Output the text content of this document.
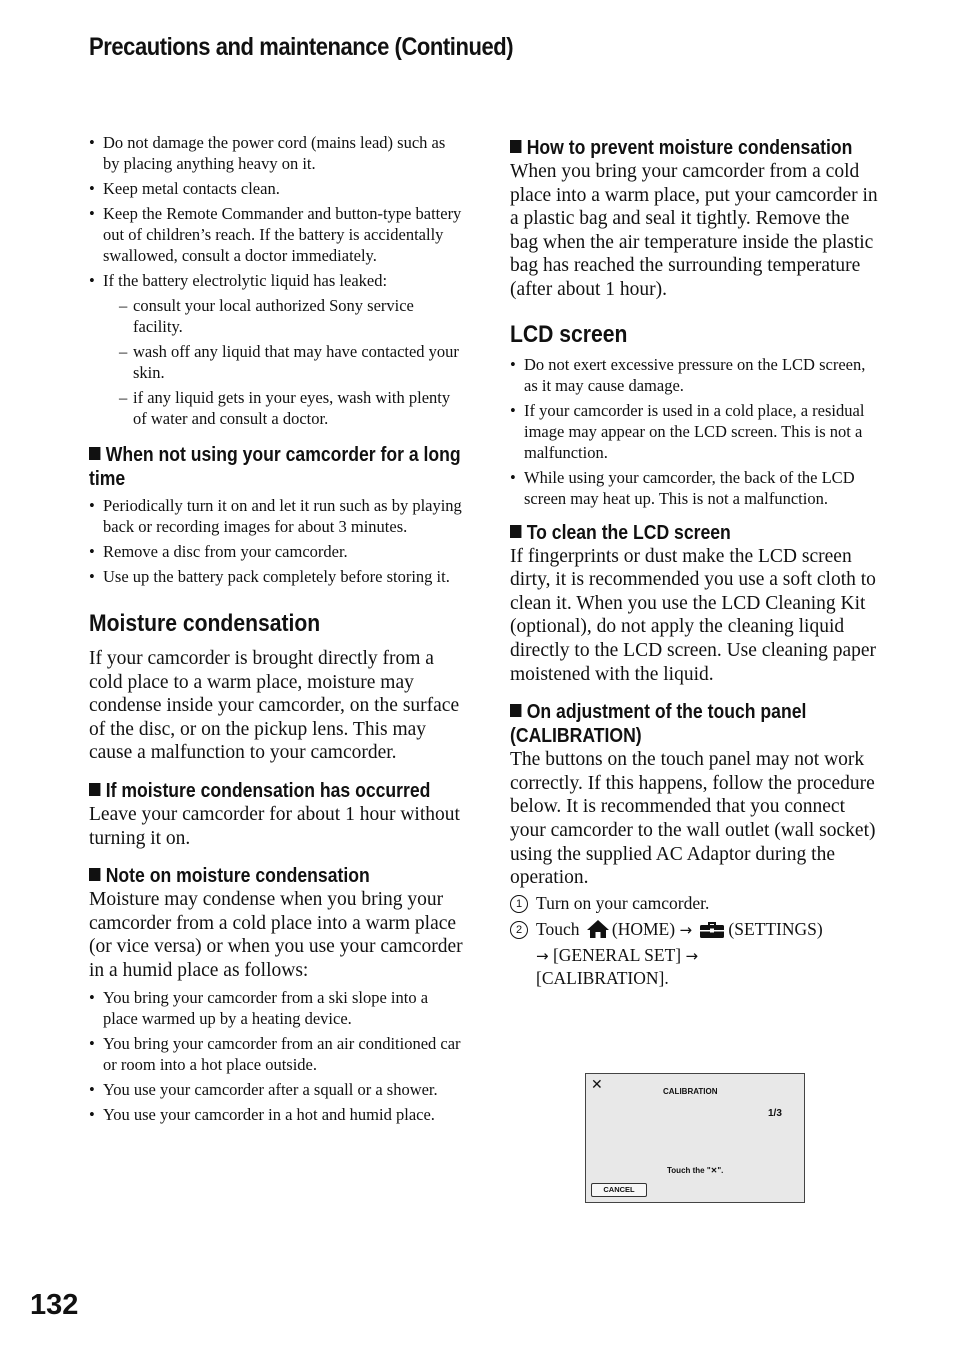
Precautions and maintenance (Continued)
• Do not damage the power cord (mains lead) such as by placing anything heavy on it.
• Keep metal contacts clean.
• Keep the Remote Commander and button-type battery out of children’s reach. If the battery is accidentally swallowed, consult a doctor immediately.
• If the battery electrolytic liquid has leaked:
– consult your local authorized Sony service facility.
– wash off any liquid that may have contacted your skin.
– if any liquid gets in your eyes, wash with plenty of water and consult a doctor.
When not using your camcorder for a long time
• Periodically turn it on and let it run such as by playing back or recording images for about 3 minutes.
• Remove a disc from your camcorder.
• Use up the battery pack completely before storing it.
Moisture condensation

If your camcorder is brought directly from a cold place to a warm place, moisture may condense inside your camcorder, on the surface of the disc, or on the pickup lens. This may cause a malfunction to your camcorder.

If moisture condensation has occurred

Leave your camcorder for about 1 hour without turning it on.

Note on moisture condensation

Moisture may condense when you bring your camcorder from a cold place into a warm place (or vice versa) or when you use your camcorder in a humid place as follows:

• You bring your camcorder from a ski slope into a place warmed up by a heating device.
• You bring your camcorder from an air conditioned car or room into a hot place outside.
• You use your camcorder after a squall or a shower.
• You use your camcorder in a hot and humid place.
How to prevent moisture condensation

When you bring your camcorder from a cold place into a warm place, put your camcorder in a plastic bag and seal it tightly. Remove the bag when the air temperature inside the plastic bag has reached the surrounding temperature (after about 1 hour).

LCD screen
• Do not exert excessive pressure on the LCD screen, as it may cause damage.
• If your camcorder is used in a cold place, a residual image may appear on the LCD screen. This is not a malfunction.
• While using your camcorder, the back of the LCD screen may heat up. This is not a malfunction.
To clean the LCD screen

If fingerprints or dust make the LCD screen dirty, it is recommended you use a soft cloth to clean it. When you use the LCD Cleaning Kit (optional), do not apply the cleaning liquid directly to the LCD screen. Use cleaning paper moistened with the liquid.

On adjustment of the touch panel (CALIBRATION)

The buttons on the touch panel may not work correctly. If this happens, follow the procedure below. It is recommended that you connect your camcorder to the wall outlet (wall socket) using the supplied AC Adaptor during the operation.

1 Turn on your camcorder.
2 Touch (HOME) → (SETTINGS)
→ [GENERAL SET] →
[CALIBRATION].
✕	CALIBRATION
1/3
Touch the "✕".
CANCEL
132
